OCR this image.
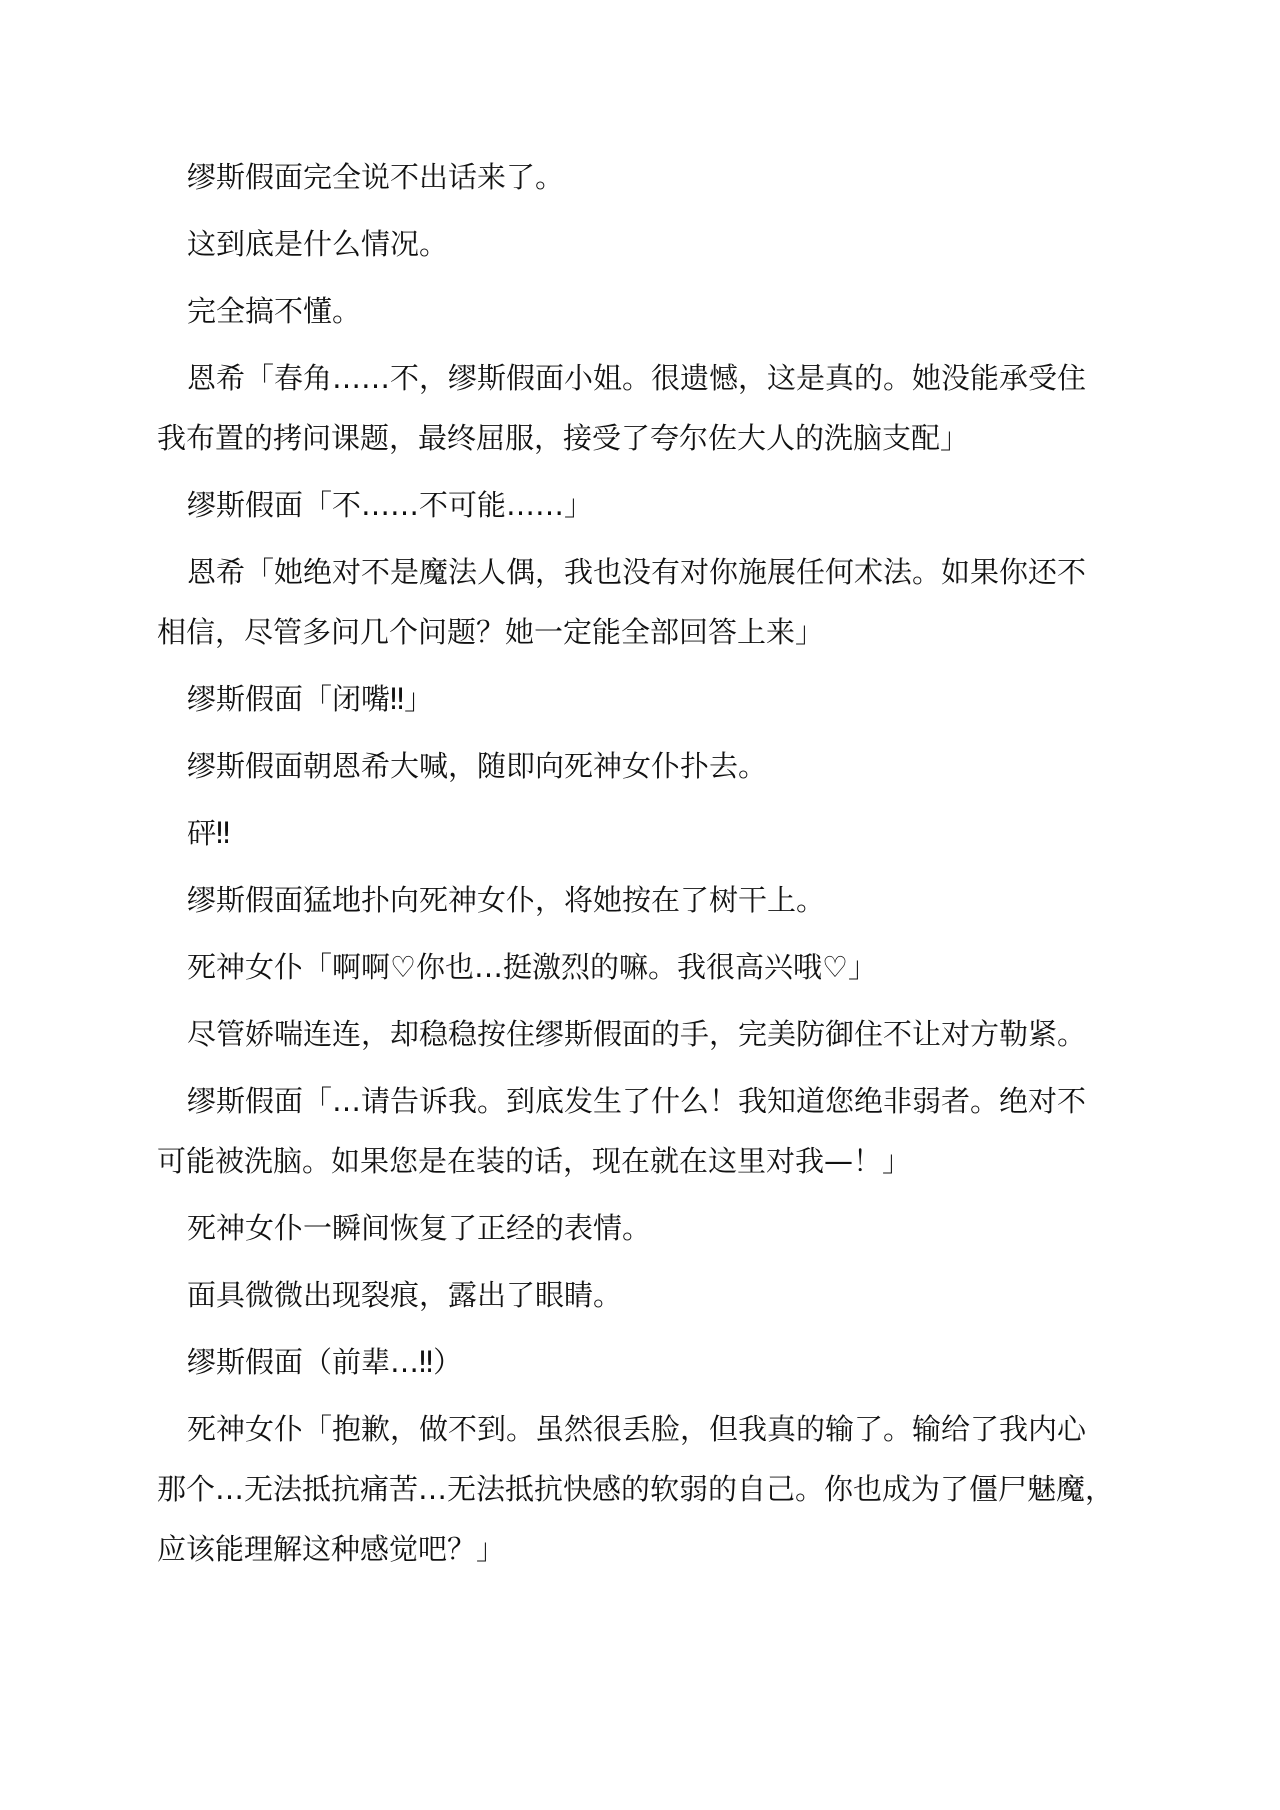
缪斯假面完全说不出话来了。
这到底是什么情况。
完全搞不懂。
恩希「春角……不，缪斯假面小姐。很遗憾，这是真的。她没能承受住
我布置的拷问课题，最终屈服，接受了夸尔佐大人的洗脑支配」
缪斯假面「不……不可能……」
恩希「她绝对不是魔法人偶，我也没有对你施展任何术法。如果你还不
相信，尽管多问几个问题？她一定能全部回答上来」
缪斯假面「闭嘴‼」
缪斯假面朝恩希大喊，随即向死神女仆扑去。
砰‼
缪斯假面猛地扑向死神女仆，将她按在了树干上。
死神女仆「啊啊♡你也…挺激烈的嘛。我很高兴哦♡」
尽管娇喘连连，却稳稳按住缪斯假面的手，完美防御住不让对方勒紧。
缪斯假面「…请告诉我。到底发生了什么！我知道您绝非弱者。绝对不
可能被洗脑。如果您是在装的话，现在就在这里对我—！」
死神女仆一瞬间恢复了正经的表情。
面具微微出现裂痕，露出了眼睛。
缪斯假面（前辈…‼）
死神女仆「抱歉，做不到。虽然很丢脸，但我真的输了。输给了我内心
那个…无法抵抗痛苦…无法抵抗快感的软弱的自己。你也成为了僵尸魅魔，
应该能理解这种感觉吧？」
